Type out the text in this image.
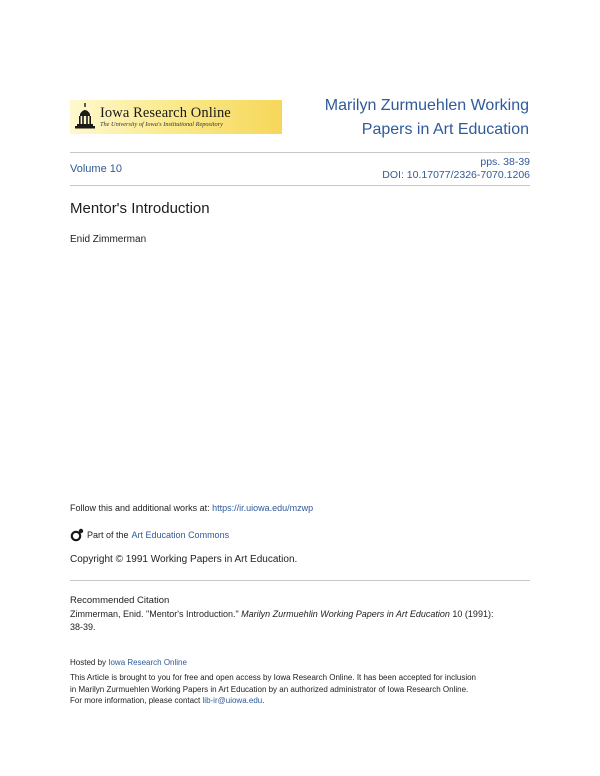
Iowa Research Online
The University of Iowa's Institutional Repository
Marilyn Zurmuehlen Working
Papers in Art Education
Volume 10
pps. 38-39
DOI: 10.17077/2326-7070.1206
Mentor's Introduction
Enid Zimmerman
Follow this and additional works at: https://ir.uiowa.edu/mzwp
Part of the Art Education Commons
Copyright © 1991 Working Papers in Art Education.
Recommended Citation
Zimmerman, Enid. "Mentor's Introduction." Marilyn Zurmuehlin Working Papers in Art Education 10 (1991):
38-39.
Hosted by Iowa Research Online
This Article is brought to you for free and open access by Iowa Research Online. It has been accepted for inclusion
in Marilyn Zurmuehlen Working Papers in Art Education by an authorized administrator of Iowa Research Online.
For more information, please contact lib-ir@uiowa.edu.
